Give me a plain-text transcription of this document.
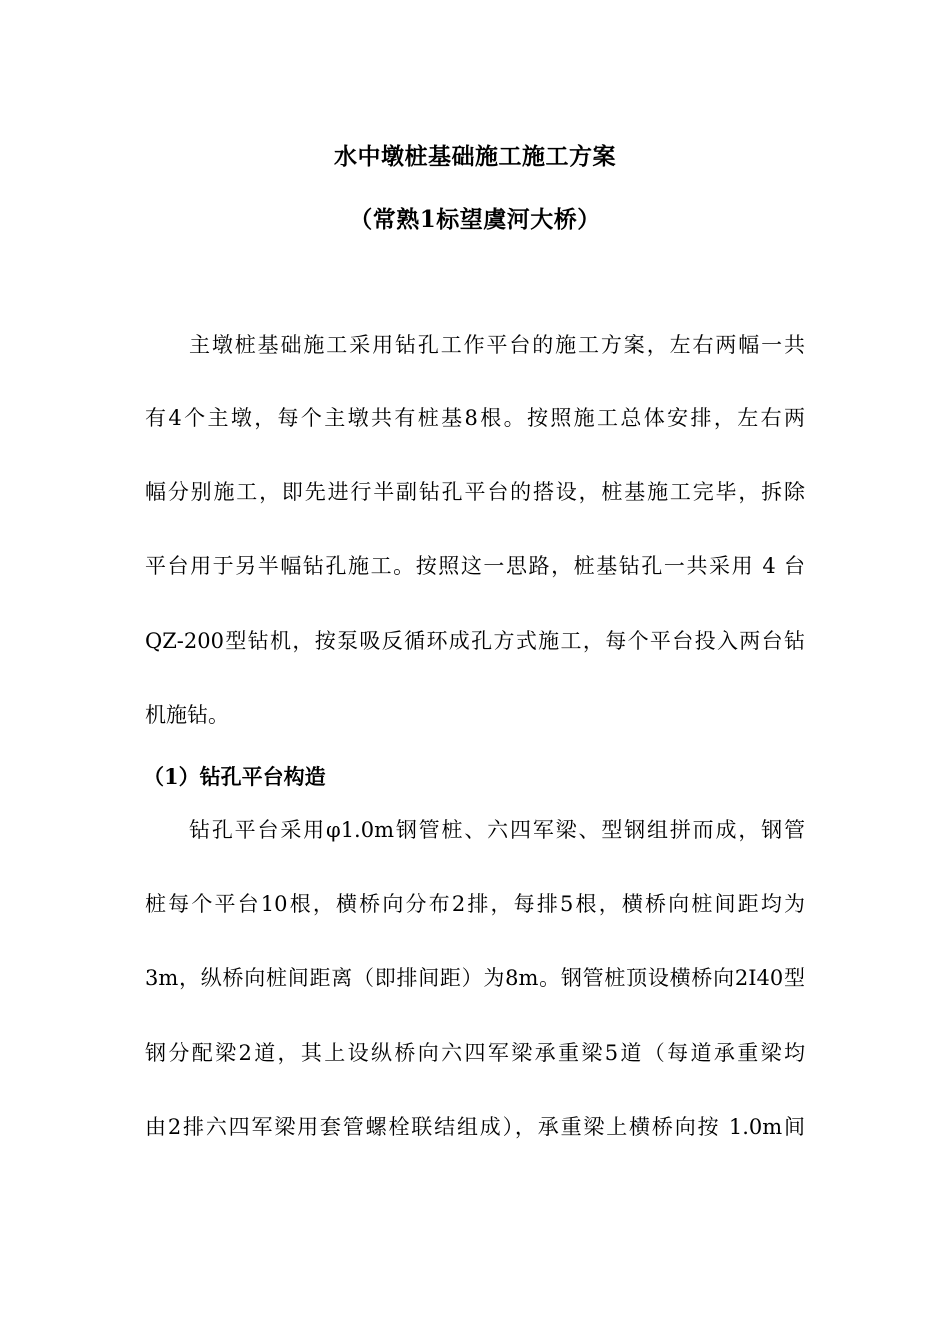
水中墩桩基础施工施工方案
（常熟1标望虞河大桥）
主墩桩基础施工采用钻孔工作平台的施工方案，左右两幅一共
有4个主墩，每个主墩共有桩基8根。按照施工总体安排，左右两
幅分别施工，即先进行半副钻孔平台的搭设，桩基施工完毕，拆除
平台用于另半幅钻孔施工。按照这一思路，桩基钻孔一共采用 4 台
QZ-200型钻机，按泵吸反循环成孔方式施工，每个平台投入两台钻
机施钻。
（1）钻孔平台构造
钻孔平台采用φ1.0m钢管桩、六四军梁、型钢组拼而成，钢管
桩每个平台10根，横桥向分布2排，每排5根，横桥向桩间距均为
3m，纵桥向桩间距离（即排间距）为8m。钢管桩顶设横桥向2I40型
钢分配梁2道，其上设纵桥向六四军梁承重梁5道（每道承重梁均
由2排六四军梁用套管螺栓联结组成），承重梁上横桥向按 1.0m间
